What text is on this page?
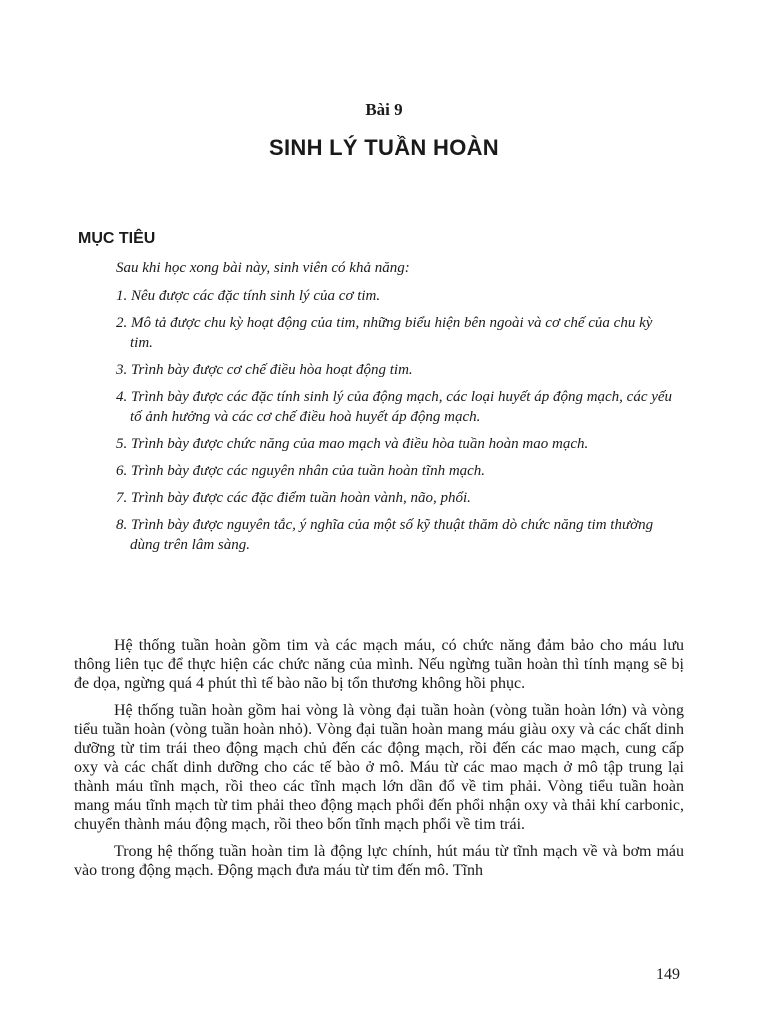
Bài 9
SINH LÝ TUẦN HOÀN
MỤC TIÊU
Sau khi học xong bài này, sinh viên có khả năng:
1. Nêu được các đặc tính sinh lý của cơ tim.
2. Mô tả được chu kỳ hoạt động của tim, những biểu hiện bên ngoài và cơ chế của chu kỳ tim.
3. Trình bày được cơ chế điều hòa hoạt động tim.
4. Trình bày được các đặc tính sinh lý của động mạch, các loại huyết áp động mạch, các yếu tố ảnh hưởng và các cơ chế điều hoà huyết áp động mạch.
5. Trình bày được chức năng của mao mạch và điều hòa tuần hoàn mao mạch.
6. Trình bày được các nguyên nhân của tuần hoàn tĩnh mạch.
7. Trình bày được các đặc điểm tuần hoàn vành, não, phổi.
8. Trình bày được nguyên tắc, ý nghĩa của một số kỹ thuật thăm dò chức năng tim thường dùng trên lâm sàng.

Hệ thống tuần hoàn gồm tim và các mạch máu, có chức năng đảm bảo cho máu lưu thông liên tục để thực hiện các chức năng của mình. Nếu ngừng tuần hoàn thì tính mạng sẽ bị đe dọa, ngừng quá 4 phút thì tế bào não bị tổn thương không hồi phục.

Hệ thống tuần hoàn gồm hai vòng là vòng đại tuần hoàn (vòng tuần hoàn lớn) và vòng tiểu tuần hoàn (vòng tuần hoàn nhỏ). Vòng đại tuần hoàn mang máu giàu oxy và các chất dinh dưỡng từ tim trái theo động mạch chủ đến các động mạch, rồi đến các mao mạch, cung cấp oxy và các chất dinh dưỡng cho các tế bào ở mô. Máu từ các mao mạch ở mô tập trung lại thành máu tĩnh mạch, rồi theo các tĩnh mạch lớn dần đổ về tim phải. Vòng tiểu tuần hoàn mang máu tĩnh mạch từ tim phải theo động mạch phổi đến phổi nhận oxy và thải khí carbonic, chuyển thành máu động mạch, rồi theo bốn tĩnh mạch phổi về tim trái.

Trong hệ thống tuần hoàn tim là động lực chính, hút máu từ tĩnh mạch về và bơm máu vào trong động mạch. Động mạch đưa máu từ tim đến mô. Tĩnh

149
